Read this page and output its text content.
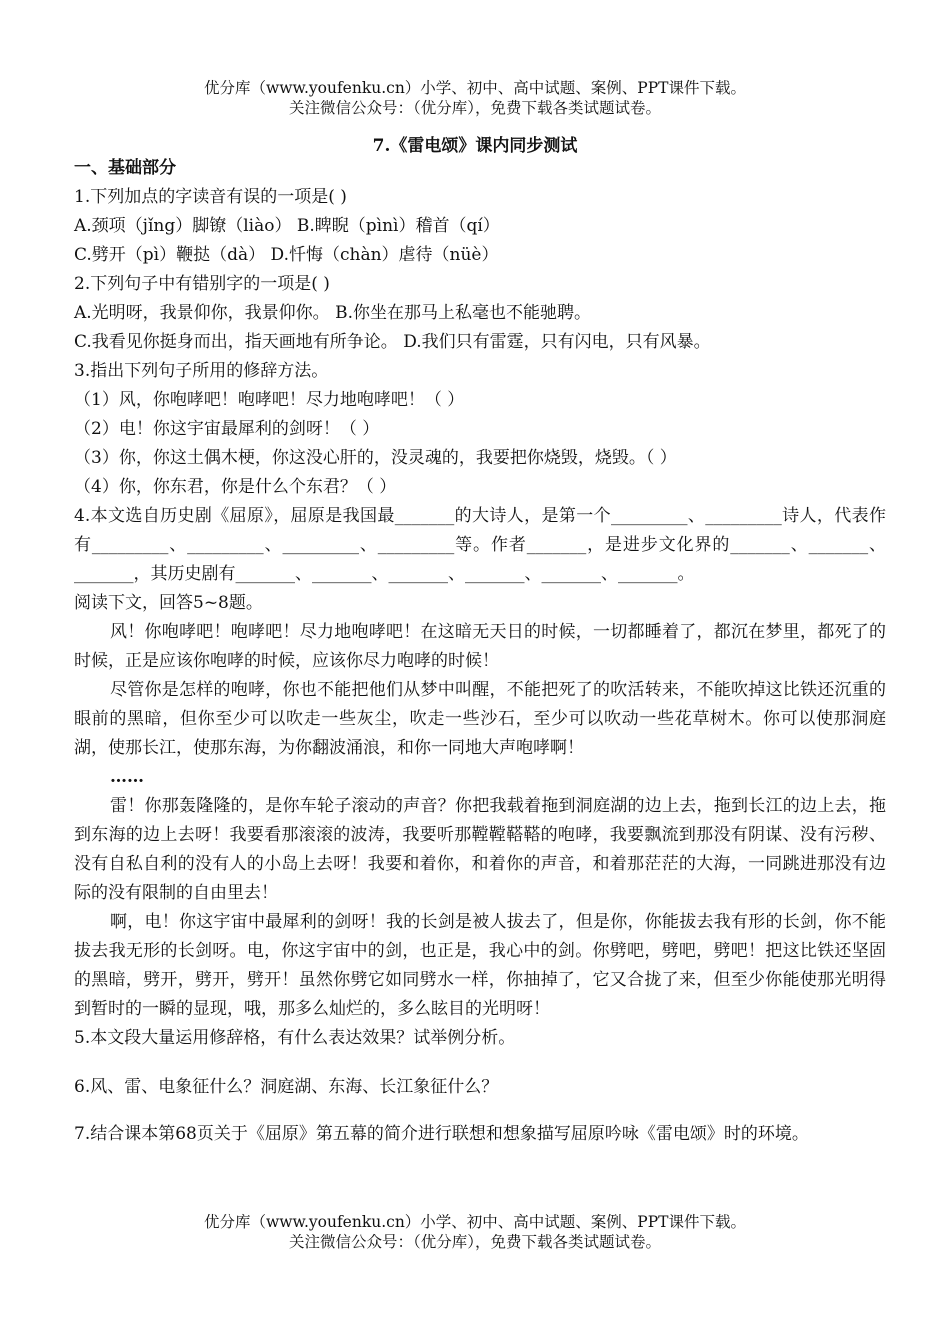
优分库（www.youfenku.cn）小学、初中、高中试题、案例、PPT课件下载。
关注微信公众号：（优分库），免费下载各类试题试卷。
7.《雷电颂》课内同步测试
一、基础部分
1.下列加点的字读音有误的一项是( )
A.颈项（jǐng）脚镣（liào） B.睥睨（pìnì）稽首（qí）
C.劈开（pì）鞭挞（dà） D.忏悔（chàn）虐待（nüè）
2.下列句子中有错别字的一项是( )
A.光明呀，我景仰你，我景仰你。 B.你坐在那马上私毫也不能驰聘。
C.我看见你挺身而出，指天画地有所争论。 D.我们只有雷霆，只有闪电，只有风暴。
3.指出下列句子所用的修辞方法。
（1）风，你咆哮吧！咆哮吧！尽力地咆哮吧！（ ）
（2）电！你这宇宙最犀利的剑呀！（ ）
（3）你，你这土偶木梗，你这没心肝的，没灵魂的，我要把你烧毁，烧毁。（ ）
（4）你，你东君，你是什么个东君？（ ）
4.本文选自历史剧《屈原》，屈原是我国最_______的大诗人，是第一个_________、_________诗人，代表作有_________、_________、_________、_________等。作者_______，是进步文化界的_______、_______、_______，其历史剧有_______、_______、_______、_______、_______、_______。
阅读下文，回答5~8题。
风！你咆哮吧！咆哮吧！尽力地咆哮吧！在这暗无天日的时候，一切都睡着了，都沉在梦里，都死了的时候，正是应该你咆哮的时候，应该你尽力咆哮的时候！
尽管你是怎样的咆哮，你也不能把他们从梦中叫醒，不能把死了的吹活转来，不能吹掉这比铁还沉重的眼前的黑暗，但你至少可以吹走一些灰尘，吹走一些沙石，至少可以吹动一些花草树木。你可以使那洞庭湖，使那长江，使那东海，为你翻波涌浪，和你一同地大声咆哮啊！
……
雷！你那轰隆隆的，是你车轮子滚动的声音？你把我载着拖到洞庭湖的边上去，拖到长江的边上去，拖到东海的边上去呀！我要看那滚滚的波涛，我要听那鞺鞺鞳鞳的咆哮，我要飘流到那没有阴谋、没有污秽、没有自私自利的没有人的小岛上去呀！我要和着你，和着你的声音，和着那茫茫的大海，一同跳进那没有边际的没有限制的自由里去！
啊，电！你这宇宙中最犀利的剑呀！我的长剑是被人拔去了，但是你，你能拔去我有形的长剑，你不能拔去我无形的长剑呀。电，你这宇宙中的剑，也正是，我心中的剑。你劈吧，劈吧，劈吧！把这比铁还坚固的黑暗，劈开，劈开，劈开！虽然你劈它如同劈水一样，你抽掉了，它又合拢了来，但至少你能使那光明得到暂时的一瞬的显现，哦，那多么灿烂的，多么眩目的光明呀！
5.本文段大量运用修辞格，有什么表达效果？试举例分析。
6.风、雷、电象征什么？洞庭湖、东海、长江象征什么？
7.结合课本第68页关于《屈原》第五幕的简介进行联想和想象描写屈原吟咏《雷电颂》时的环境。
优分库（www.youfenku.cn）小学、初中、高中试题、案例、PPT课件下载。
关注微信公众号：（优分库），免费下载各类试题试卷。
